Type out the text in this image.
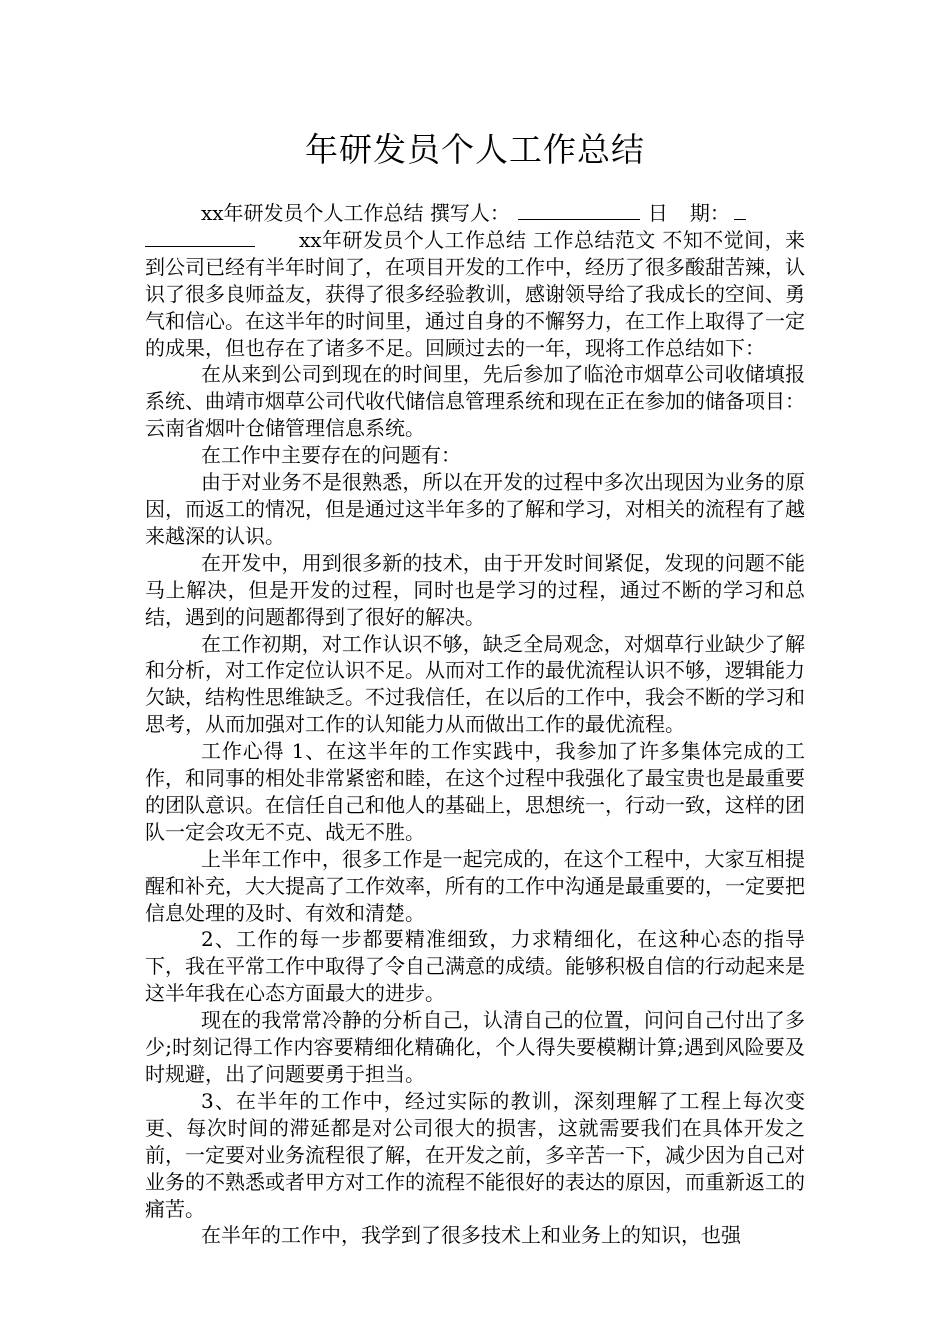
年研发员个人工作总结

xx年研发员个人工作总结 撰写人：	日 期：

xx年研发员个人工作总结 工作总结范文 不知不觉间，来到公司已经有半年时间了，在项目开发的工作中，经历了很多酸甜苦辣，认识了很多良师益友，获得了很多经验教训，感谢领导给了我成长的空间、勇气和信心。在这半年的时间里，通过自身的不懈努力，在工作上取得了一定的成果，但也存在了诸多不足。回顾过去的一年，现将工作总结如下：

在从来到公司到现在的时间里，先后参加了临沧市烟草公司收储填报系统、曲靖市烟草公司代收代储信息管理系统和现在正在参加的储备项目：云南省烟叶仓储管理信息系统。

在工作中主要存在的问题有：

由于对业务不是很熟悉，所以在开发的过程中多次出现因为业务的原因，而返工的情况，但是通过这半年多的了解和学习，对相关的流程有了越来越深的认识。

在开发中，用到很多新的技术，由于开发时间紧促，发现的问题不能马上解决，但是开发的过程，同时也是学习的过程，通过不断的学习和总结，遇到的问题都得到了很好的解决。

在工作初期，对工作认识不够，缺乏全局观念，对烟草行业缺少了解和分析，对工作定位认识不足。从而对工作的最优流程认识不够，逻辑能力欠缺，结构性思维缺乏。不过我信任，在以后的工作中，我会不断的学习和思考，从而加强对工作的认知能力从而做出工作的最优流程。

工作心得 1、在这半年的工作实践中，我参加了许多集体完成的工作，和同事的相处非常紧密和睦，在这个过程中我强化了最宝贵也是最重要的团队意识。在信任自己和他人的基础上，思想统一，行动一致，这样的团队一定会攻无不克、战无不胜。

上半年工作中，很多工作是一起完成的，在这个工程中，大家互相提醒和补充，大大提高了工作效率，所有的工作中沟通是最重要的，一定要把信息处理的及时、有效和清楚。

2、工作的每一步都要精准细致，力求精细化，在这种心态的指导下，我在平常工作中取得了令自己满意的成绩。能够积极自信的行动起来是这半年我在心态方面最大的进步。

现在的我常常冷静的分析自己，认清自己的位置，问问自己付出了多少;时刻记得工作内容要精细化精确化，个人得失要模糊计算;遇到风险要及时规避，出了问题要勇于担当。

3、在半年的工作中，经过实际的教训，深刻理解了工程上每次变更、每次时间的滞延都是对公司很大的损害，这就需要我们在具体开发之前，一定要对业务流程很了解，在开发之前，多辛苦一下，减少因为自己对业务的不熟悉或者甲方对工作的流程不能很好的表达的原因，而重新返工的痛苦。

在半年的工作中，我学到了很多技术上和业务上的知识，也强
